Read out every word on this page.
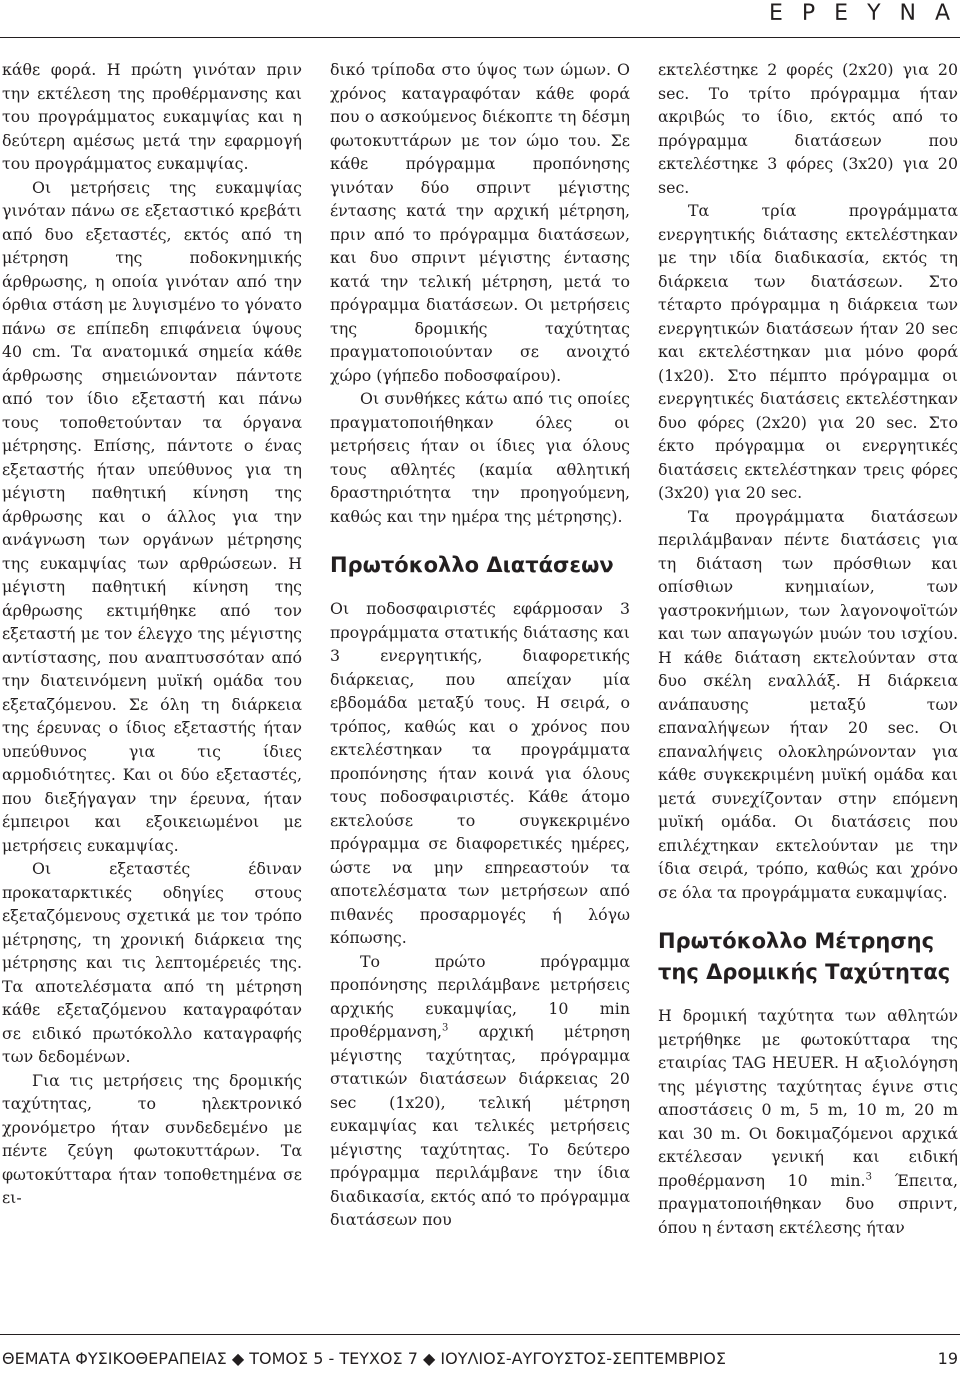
Ε Ρ Ε Υ Ν Α

κάθε φορά. Η πρώτη γινόταν πριν την εκτέλεση της προθέρμανσης και του προγράμματος ευκαμψίας και η δεύτερη αμέσως μετά την εφαρμογή του προγράμματος ευκαμψίας.

Οι μετρήσεις της ευκαμψίας γινόταν πάνω σε εξεταστικό κρεβάτι από δυο εξεταστές, εκτός από τη μέτρηση της ποδοκνημικής άρθρωσης, η οποία γινόταν από την όρθια στάση με λυγισμένο το γόνατο πάνω σε επίπεδη επιφάνεια ύψους 40 cm. Τα ανατομικά σημεία κάθε άρθρωσης σημειώνονταν πάντοτε από τον ίδιο εξεταστή και πάνω τους τοποθετούνταν τα όργανα μέτρησης. Επίσης, πάντοτε ο ένας εξεταστής ήταν υπεύθυνος για τη μέγιστη παθητική κίνηση της άρθρωσης και ο άλλος για την ανάγνωση των οργάνων μέτρησης της ευκαμψίας των αρθρώσεων. Η μέγιστη παθητική κίνηση της άρθρωσης εκτιμήθηκε από τον εξεταστή με τον έλεγχο της μέγιστης αντίστασης, που αναπτυσσόταν από την διατεινόμενη μυϊκή ομάδα του εξεταζόμενου. Σε όλη τη διάρκεια της έρευνας ο ίδιος εξεταστής ήταν υπεύθυνος για τις ίδιες αρμοδιότητες. Και οι δύο εξεταστές, που διεξήγαγαν την έρευνα, ήταν έμπειροι και εξοικειωμένοι με μετρήσεις ευκαμψίας.

Οι εξεταστές έδιναν προκαταρκτικές οδηγίες στους εξεταζόμενους σχετικά με τον τρόπο μέτρησης, τη χρονική διάρκεια της μέτρησης και τις λεπτομέρειές της. Τα αποτελέσματα από τη μέτρηση κάθε εξεταζόμενου καταγραφόταν σε ειδικό πρωτόκολλο καταγραφής των δεδομένων.

Για τις μετρήσεις της δρομικής ταχύτητας, το ηλεκτρονικό χρονόμετρο ήταν συνδεδεμένο με πέντε ζεύγη φωτοκυττάρων. Τα φωτοκύτταρα ήταν τοποθετημένα σε ει-

δικό τρίποδα στο ύψος των ώμων. Ο χρόνος καταγραφόταν κάθε φορά που ο ασκούμενος διέκοπτε τη δέσμη φωτοκυττάρων με τον ώμο του. Σε κάθε πρόγραμμα προπόνησης γινόταν δύο σπριντ μέγιστης έντασης κατά την αρχική μέτρηση, πριν από το πρόγραμμα διατάσεων, και δυο σπριντ μέγιστης έντασης κατά την τελική μέτρηση, μετά το πρόγραμμα διατάσεων. Οι μετρήσεις της δρομικής ταχύτητας πραγματοποιούνταν σε ανοιχτό χώρο (γήπεδο ποδοσφαίρου).

Οι συνθήκες κάτω από τις οποίες πραγματοποιήθηκαν όλες οι μετρήσεις ήταν οι ίδιες για όλους τους αθλητές (καμία αθλητική δραστηριότητα την προηγούμενη, καθώς και την ημέρα της μέτρησης).

Πρωτόκολλο Διατάσεων

Οι ποδοσφαιριστές εφάρμοσαν 3 προγράμματα στατικής διάτασης και 3 ενεργητικής, διαφορετικής διάρκειας, που απείχαν μία εβδομάδα μεταξύ τους. Η σειρά, ο τρόπος, καθώς και ο χρόνος που εκτελέστηκαν τα προγράμματα προπόνησης ήταν κοινά για όλους τους ποδοσφαιριστές. Κάθε άτομο εκτελούσε το συγκεκριμένο πρόγραμμα σε διαφορετικές ημέρες, ώστε να μην επηρεαστούν τα αποτελέσματα των μετρήσεων από πιθανές προσαρμογές ή λόγω κόπωσης.

Το πρώτο πρόγραμμα προπόνησης περιλάμβανε μετρήσεις αρχικής ευκαμψίας, 10 min προθέρμανση,$^3$ αρχική μέτρηση μέγιστης ταχύτητας, πρόγραμμα στατικών διατάσεων διάρκειας 20 sec (1x20), τελική μέτρηση ευκαμψίας και τελικές μετρήσεις μέγιστης ταχύτητας. Το δεύτερο πρόγραμμα περιλάμβανε την ίδια διαδικασία, εκτός από το πρόγραμμα διατάσεων που

εκτελέστηκε 2 φορές (2x20) για 20 sec. Το τρίτο πρόγραμμα ήταν ακριβώς το ίδιο, εκτός από το πρόγραμμα διατάσεων που εκτελέστηκε 3 φόρες (3x20) για 20 sec.

Τα τρία προγράμματα ενεργητικής διάτασης εκτελέστηκαν με την ιδία διαδικασία, εκτός τη διάρκεια των διατάσεων. Στο τέταρτο πρόγραμμα η διάρκεια των ενεργητικών διατάσεων ήταν 20 sec και εκτελέστηκαν μια μόνο φορά (1x20). Στο πέμπτο πρόγραμμα οι ενεργητικές διατάσεις εκτελέστηκαν δυο φόρες (2x20) για 20 sec. Στο έκτο πρόγραμμα οι ενεργητικές διατάσεις εκτελέστηκαν τρεις φόρες (3x20) για 20 sec.

Τα προγράμματα διατάσεων περιλάμβαναν πέντε διατάσεις για τη διάταση των πρόσθιων και οπίσθιων κνημιαίων, των γαστροκνήμιων, των λαγονοψοϊτών και των απαγωγών μυών του ισχίου. Η κάθε διάταση εκτελούνταν στα δυο σκέλη εναλλάξ. Η διάρκεια ανάπαυσης μεταξύ των επαναλήψεων ήταν 20 sec. Οι επαναλήψεις ολοκληρώνονταν για κάθε συγκεκριμένη μυϊκή ομάδα και μετά συνεχίζονταν στην επόμενη μυϊκή ομάδα. Οι διατάσεις που επιλέχτηκαν εκτελούνταν με την ίδια σειρά, τρόπο, καθώς και χρόνο σε όλα τα προγράμματα ευκαμψίας.

Πρωτόκολλο Μέτρησης της Δρομικής Ταχύτητας

Η δρομική ταχύτητα των αθλητών μετρήθηκε με φωτοκύτταρα της εταιρίας TAG HEUER. Η αξιολόγηση της μέγιστης ταχύτητας έγινε στις αποστάσεις 0 m, 5 m, 10 m, 20 m και 30 m. Οι δοκιμαζόμενοι αρχικά εκτέλεσαν γενική και ειδική προθέρμανση 10 min.$^3$ Έπειτα, πραγματοποιήθηκαν δυο σπριντ, όπου η ένταση εκτέλεσης ήταν

ΘΕΜΑΤΑ ΦΥΣΙΚΟΘΕΡΑΠΕΙΑΣ ◆ ΤΟΜΟΣ 5 - ΤΕΥΧΟΣ 7 ◆ ΙΟΥΛΙΟΣ-ΑΥΓΟΥΣΤΟΣ-ΣΕΠΤΕΜΒΡΙΟΣ	19
